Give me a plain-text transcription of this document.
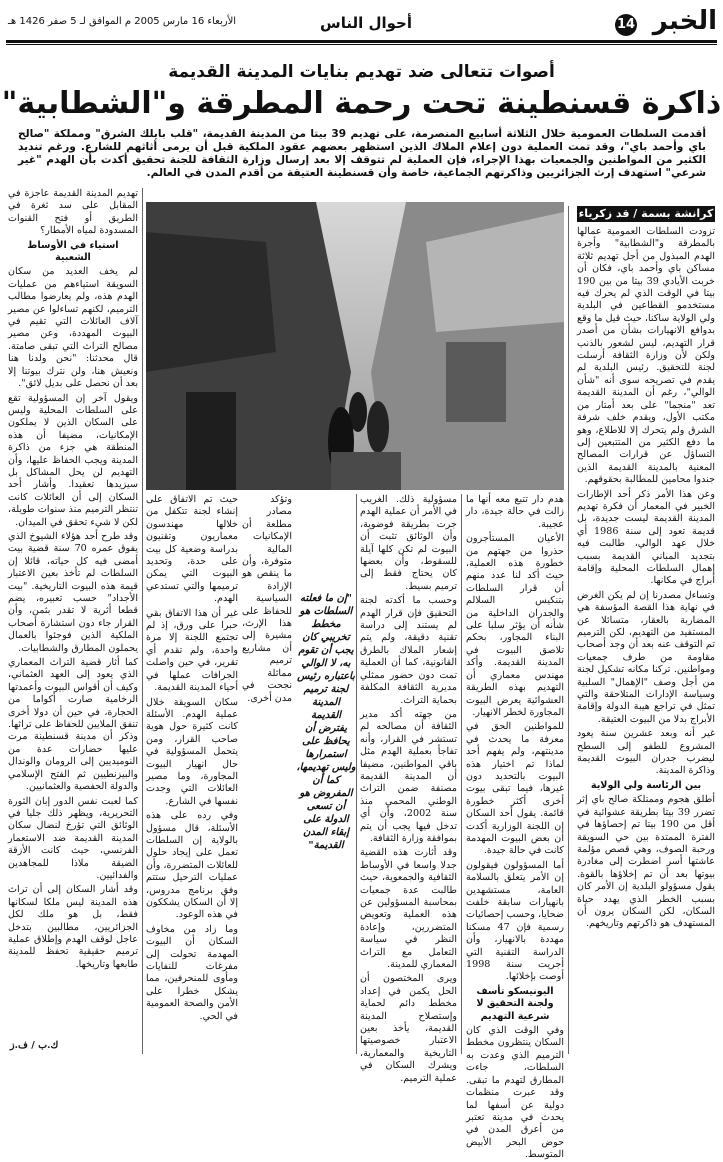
الخبر
14
أحوال الناس
الأربعاء 16 مارس 2005 م الموافق لـ 5 صفر 1426 هـ
أصوات تتعالى ضد تهديم بنايات المدينة القديمة
ذاكرة قسنطينة تحت رحمة المطرقة و"الشطابية"
أقدمت السلطات العمومية خلال الثلاثة أسابيع المنصرمة، على تهديم 39 بيتا من المدينة القديمة، "قلب بايلك الشرق" ومملكة "صالح باي وأحمد باي"، وقد تمت العملية دون إعلام الملاك الذين استظهر بعضهم عقود الملكية قبل أن يرمى أثاثهم للشارع. ورغم تنديد الكثير من المواطنين والجمعيات بهذا الإجراء، فإن العملية لم تتوقف إلا بعد إرسال وزارة الثقافة للجنة تحقيق أكدت بأن الهدم "غير شرعي" استهدف إرث الجزائريين وذاكرتهم الجماعية، خاصة وأن قسنطينة العتيقة من أقدم المدن في العالم.
كرانشة بسمة / قد زكرياء

تزودت السلطات العمومية عمالها بالمطرقة و"الشطابية" وأجرة الهدم المبذول من أجل تهديم ثلاثة مساكن باي وأحمد باي، فكان أن خربت الأيادي 39 بيتا من بين 190 بيتا في الوقت الذي لم يحرك فيه مستخدمو القطاعين في البلدية ولي الولاية ساكنا، حيث قيل ما وقع بدوافع الانهيارات بشأن من أصدر قرار التهديم، ليس لشعور بالذنب ولكن لأن وزارة الثقافة أرسلت لجنة للتحقيق. رئيس البلدية لم يقدم في تصريحه سوى أنه "شأن الوالي"، رغم أن المدينة القديمة تعد "منجما" على بعد أمتار من مكتب الأول، ويقدم خلف شرفة الشرق ولم يتحرك إلا للاطلاع، وهو ما دفع الكثير من المتتبعين إلى التساؤل عن قرارات المصالح المعنية بالمدينة القديمة الذين جندوا محامين للمطالبة بحقوقهم.

وعن هذا الأمر ذكر أحد الإطارات الخبير في المعمار أن فكرة تهديم المدينة القديمة ليست جديدة، بل قديمة تعود إلى سنة 1986 أي خلال عهد الوالي، طالبت فيه بتجديد المباني القديمة بسبب إهمال السلطات المحلية وإقامة أبراج في مكانها.

وتساءل مصدرنا إن لم يكن الغرض في نهاية هذا القصة المؤسفة هي المضاربة بالعقار، متسائلا عن المستفيد من التهديم، لكن الترميم تم التوقف عنه بعد أن وجد أصحاب مقاومة من طرف جمعيات ومواطنين. تركنا مكانه تشكيل لجنة من أجل وصف "الإهمال" السلبية وسياسة الإدارات المتلاحقة والتي تمثل في تراجع هيبة الدولة وإقامة الأبراج بدلا من البيوت العتيقة.

غير أنه وبعد عشرين سنة يعود المشروع للطفو إلى السطح ليضرب جدران البيوت القديمة وذاكرة المدينة.

بين الرئاسة ولي الولاية

أطلق هجوم وممتلكة صالح باي إثر تضرر 39 بيتا بطريقة عشوائية في أقل من 190 بيتا تم إحصاؤها في الفترة الممتدة بين حي السويقة ورحبة الصوف، وهي قصص مؤلمة عاشتها أسر اضطرت إلى مغادرة بيوتها بعد أن تم إخلاؤها بالقوة. يقول مسؤولو البلدية إن الأمر كان بسبب الخطر الذي يهدد حياة السكان، لكن السكان يرون أن المستهدف هو ذاكرتهم وتاريخهم.

تهديم المدينة القديمة عاجزة في المقابل على سد ثغرة في الطريق أو فتح القنوات المسدودة لمياه الأمطار؟

استياء في الأوساط الشعبية

لم يخف العديد من سكان السويقة استياءهم من عمليات الهدم هذه، ولم يعارضوا مطالب الترميم، لكنهم تساءلوا عن مصير آلاف العائلات التي تقيم في البيوت المهددة، وعن مصير مصالح التراث التي تبقى صامتة. قال محدثنا: "نحن ولدنا هنا ونعيش هنا، ولن نترك بيوتنا إلا بعد أن نحصل على بديل لائق".

ويقول آخر إن المسؤولية تقع على السلطات المحلية وليس على السكان الذين لا يملكون الإمكانيات، مضيفا أن هذه المنطقة هي جزء من ذاكرة المدينة ويجب الحفاظ عليها، وأن التهديم لن يحل المشاكل بل سيزيدها تعقيدا. وأشار أحد السكان إلى أن العائلات كانت تنتظر الترميم منذ سنوات طويلة، لكن لا شيء تحقق في الميدان.

وقد طرح أحد هؤلاء الشيوخ الذي يفوق عمره 70 سنة قضية بيت أمضى فيه كل حياته، قائلا إن السلطات لم تأخذ بعين الاعتبار قيمة هذه البيوت التاريخية. "بيت الأجداد" حسب تعبيره، يضم قطعا أثرية لا تقدر بثمن، وأن القرار جاء دون استشارة أصحاب الملكية الذين فوجئوا بالعمال يحملون المطارق والشطابيات.

كما أثار قضية التراث المعماري الذي يعود إلى العهد العثماني، وكيف أن أقواس البيوت وأعمدتها الرخامية صارت أكواما من الحجارة، في حين أن دولا أخرى تنفق الملايين للحفاظ على تراثها. وذكر أن مدينة قسنطينة مرت عليها حضارات عدة من النوميديين إلى الرومان والوندال والبيزنطيين ثم الفتح الإسلامي والدولة الحفصية والعثمانيين.

كما لعبت نفس الدور إبان الثورة التحريرية، ويظهر ذلك جليا في الوثائق التي تؤرخ لنضال سكان المدينة القديمة ضد الاستعمار الفرنسي، حيث كانت الأزقة الضيقة ملاذا للمجاهدين والفدائيين.

وقد أشار السكان إلى أن تراث هذه المدينة ليس ملكا لسكانها فقط، بل هو ملك لكل الجزائريين، مطالبين بتدخل عاجل لوقف الهدم وإطلاق عملية ترميم حقيقية تحفظ للمدينة طابعها وتاريخها.

هدم دار تتبع معه أنها ما زالت في حالة جيدة، دار عجيبة.

الأعيان المستأجرون حذروا من جهتهم من خطورة هذه العملية، حيث أكد لنا عدد منهم أن قرار السلطات بتنكيس السلالم والجدران الداخلية من شأنه أن يؤثر سلبا على البناء المجاور، بحكم تلاصق البيوت في المدينة القديمة. وأكد مهندس معماري أن التهديم بهذه الطريقة العشوائية يعرض البيوت المجاورة لخطر الانهيار.

للمواطنين الحق في معرفة ما يحدث في مدينتهم، ولم يفهم أحد لماذا تم اختيار هذه البيوت بالتحديد دون غيرها، فيما تبقى بيوت أخرى أكثر خطورة قائمة. يقول أحد السكان إن اللجنة الوزارية أكدت أن بعض البيوت المهدمة كانت في حالة جيدة.

أما المسؤولون فيقولون إن الأمر يتعلق بالسلامة العامة، مستشهدين بانهيارات سابقة خلفت ضحايا، وحسب إحصائيات رسمية فإن 47 مسكنا مهددة بالانهيار، وأن الدراسة التقنية التي أجريت سنة 1998 أوصت بإخلائها.

اليونيسكو تأسف ولجنة التحقيق لا شرعية التهديم

وفي الوقت الذي كان السكان ينتظرون مخطط الترميم الذي وعدت به السلطات، جاءت المطارق لتهدم ما تبقى. وقد عبرت منظمات دولية عن أسفها لما يحدث في مدينة تعتبر من أعرق المدن في حوض البحر الأبيض المتوسط.

مسؤولية ذلك. الغريب في الأمر أن عملية الهدم جرت بطريقة فوضوية، وأن الوثائق تثبت أن البيوت لم تكن كلها آيلة للسقوط، وأن بعضها كان يحتاج فقط إلى ترميم بسيط.

وحسب ما أكدته لجنة التحقيق فإن قرار الهدم لم يستند إلى دراسة تقنية دقيقة، ولم يتم إشعار الملاك بالطرق القانونية، كما أن العملية تمت دون حضور ممثلي مديرية الثقافة المكلفة بحماية التراث.

من جهته أكد مدير الثقافة أن مصالحه لم تستشر في القرار، وأنه تفاجأ بعملية الهدم مثل باقي المواطنين، مضيفا أن المدينة القديمة مصنفة ضمن التراث الوطني المحمي منذ سنة 2002، وأن أي تدخل فيها يجب أن يتم بموافقة وزارة الثقافة.

وقد أثارت هذه القضية جدلا واسعا في الأوساط الثقافية والجمعوية، حيث طالبت عدة جمعيات بمحاسبة المسؤولين عن هذه العملية وتعويض المتضررين، وإعادة النظر في سياسة التعامل مع التراث المعماري للمدينة.

ويرى المختصون أن الحل يكمن في إعداد مخطط دائم لحماية وإستصلاح المدينة القديمة، يأخذ بعين الاعتبار خصوصيتها التاريخية والمعمارية، ويشرك السكان في عملية الترميم.

"إن ما فعلته السلطات هو مخطط تخريبي كان يجب أن تقوم به، لا الوالي باعتباره رئيس لجنة ترميم المدينة القديمة يفترض أن يحافظ على استمرارها وليس تهديمها، كما أن المفروض هو أن تسعى الدولة على إبقاء المدن القديمة"

وتؤكد مصادر مطلعة أن الإمكانيات المالية متوفرة، وأن ما ينقص هو الإرادة السياسية للحفاظ على هذا الإرث، مشيرة إلى أن مشاريع ترميم مماثلة نجحت في مدن أخرى.

حيث تم الاتفاق على إنشاء لجنة تتكفل من خلالها مهندسون معماريون وتقنيون بدراسة وضعية كل بيت على حدة، وتحديد البيوت التي يمكن ترميمها والتي تستدعي الهدم.

غير أن هذا الاتفاق بقي حبرا على ورق، إذ لم تجتمع اللجنة إلا مرة واحدة، ولم تقدم أي تقرير، في حين واصلت الجرافات عملها في أحياء المدينة القديمة.

سكان السويقة خلال عملية الهدم. الأسئلة كانت كثيرة حول هوية صاحب القرار، ومن يتحمل المسؤولية في حال انهيار البيوت المجاورة، وما مصير العائلات التي وجدت نفسها في الشارع.

وفي رده على هذه الأسئلة، قال مسؤول بالولاية إن السلطات تعمل على إيجاد حلول للعائلات المتضررة، وأن عمليات الترحيل ستتم وفق برنامج مدروس، إلا أن السكان يشككون في هذه الوعود.

وما زاد من مخاوف السكان أن البيوت المهدمة تحولت إلى مفرغات للنفايات ومأوى للمنحرفين، مما يشكل خطرا على الأمن والصحة العمومية في الحي.

ك.ب / ف.ز
